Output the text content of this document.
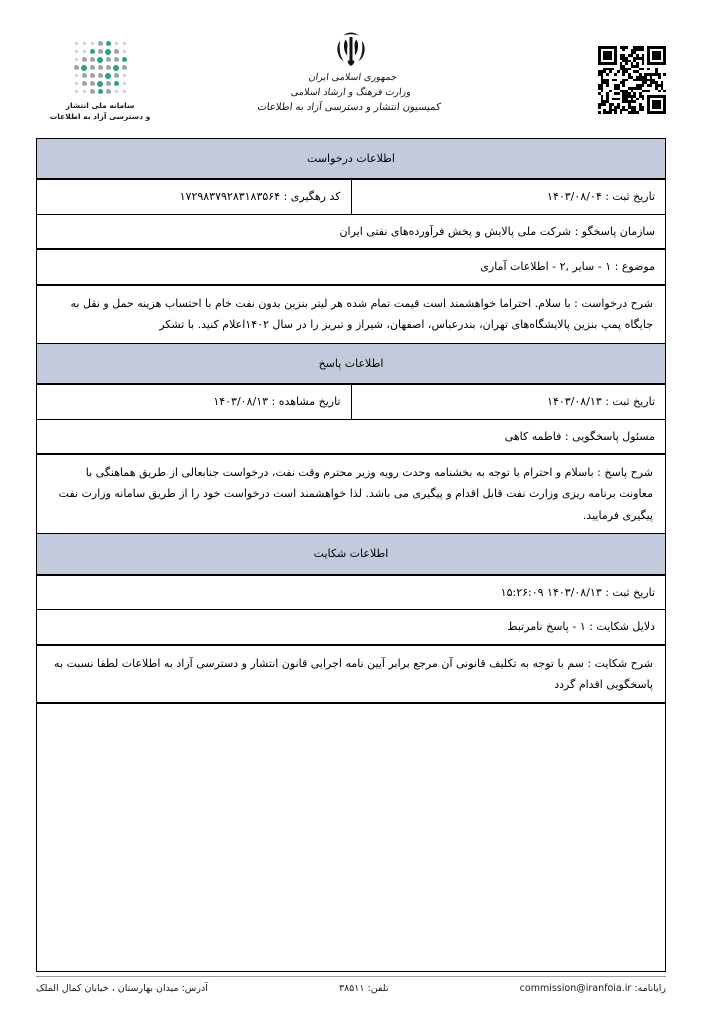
سامانه ملی انتشار
و دسترسی آزاد به اطلاعات
جمهوری اسلامی ایران
وزارت فرهنگ و ارشاد اسلامی
کمیسیون انتشار و دسترسی آزاد به اطلاعات
اطلاعات درخواست	
تاریخ ثبت : ۱۴۰۳/۰۸/۰۴	کد رهگیری : ۱۷۲۹۸۳۷۹۲۸۳۱۸۳۵۶۴
سازمان پاسخگو : شرکت ملی پالایش و پخش فرآورده‌های نفتی ایران	
موضوع : ۱ - سایر ,۲ - اطلاعات آماری	
شرح درخواست : با سلام. احتراما خواهشمند است قیمت تمام شده هر لیتر بنزین بدون نفت خام با احتساب هزینه حمل و نقل به جایگاه پمپ بنزین پالایشگاه‌های تهران، بندرعباس، اصفهان، شیراز و تبریز را در سال ۱۴۰۲اعلام کنید. با تشکر	
اطلاعات پاسخ	
تاریخ ثبت : ۱۴۰۳/۰۸/۱۳	تاریخ مشاهده : ۱۴۰۳/۰۸/۱۳
مسئول پاسخگویی : فاطمه کاهی	
شرح پاسخ : باسلام و احترام با توجه به بخشنامه وحدت رویه وزیر محترم وقت نفت، درخواست جنابعالی از طریق هماهنگی با معاونت برنامه ریزی وزارت نفت قابل اقدام و پیگیری می باشد. لذا خواهشمند است درخواست خود را از طریق سامانه وزارت نفت پیگیری فرمایید.	
اطلاعات شکایت	
تاریخ ثبت : ۱۴۰۳/۰۸/۱۳ ۱۵:۲۶:۰۹	
دلایل شکایت : ۱ - پاسخ نامرتبط	
شرح شکایت : سم با توجه به تکلیف قانونی آن مرجع برابر آیین نامه اجرایی قانون انتشار و دسترسی آزاد به اطلاعات لطفا نسبت به پاسخگویی اقدام گردد	

آدرس: میدان بهارستان ، خیابان کمال الملک	تلفن: ۳۸۵۱۱	رایانامه: commission@iranfoia.ir
